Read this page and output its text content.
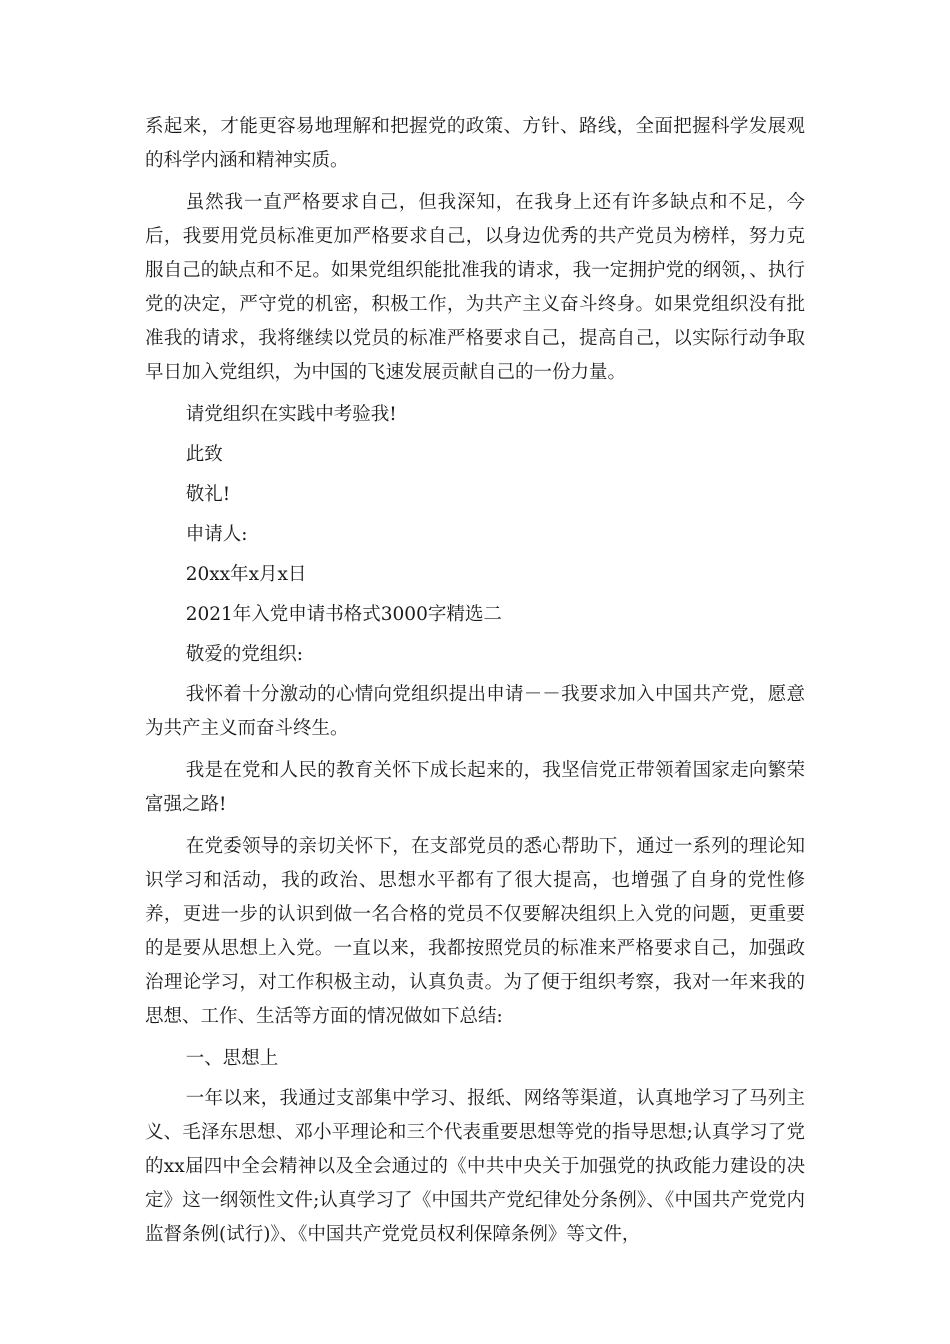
系起来，才能更容易地理解和把握党的政策、方针、路线，全面把握科学发展观的科学内涵和精神实质。

虽然我一直严格要求自己，但我深知，在我身上还有许多缺点和不足，今后，我要用党员标准更加严格要求自己，以身边优秀的共产党员为榜样，努力克服自己的缺点和不足。如果党组织能批准我的请求，我一定拥护党的纲领，、执行党的决定，严守党的机密，积极工作，为共产主义奋斗终身。如果党组织没有批准我的请求，我将继续以党员的标准严格要求自己，提高自己，以实际行动争取早日加入党组织，为中国的飞速发展贡献自己的一份力量。

请党组织在实践中考验我!

此致

敬礼!

申请人:

20xx年x月x日

2021年入党申请书格式3000字精选二

敬爱的党组织:

我怀着十分激动的心情向党组织提出申请－－我要求加入中国共产党，愿意为共产主义而奋斗终生。

我是在党和人民的教育关怀下成长起来的，我坚信党正带领着国家走向繁荣富强之路!

在党委领导的亲切关怀下，在支部党员的悉心帮助下，通过一系列的理论知识学习和活动，我的政治、思想水平都有了很大提高，也增强了自身的党性修养，更进一步的认识到做一名合格的党员不仅要解决组织上入党的问题，更重要的是要从思想上入党。一直以来，我都按照党员的标准来严格要求自己，加强政治理论学习，对工作积极主动，认真负责。为了便于组织考察，我对一年来我的思想、工作、生活等方面的情况做如下总结:

一、思想上

一年以来，我通过支部集中学习、报纸、网络等渠道，认真地学习了马列主义、毛泽东思想、邓小平理论和三个代表重要思想等党的指导思想;认真学习了党的xx届四中全会精神以及全会通过的《中共中央关于加强党的执政能力建设的决定》这一纲领性文件;认真学习了《中国共产党纪律处分条例》、《中国共产党党内监督条例(试行)》、《中国共产党党员权利保障条例》等文件，
